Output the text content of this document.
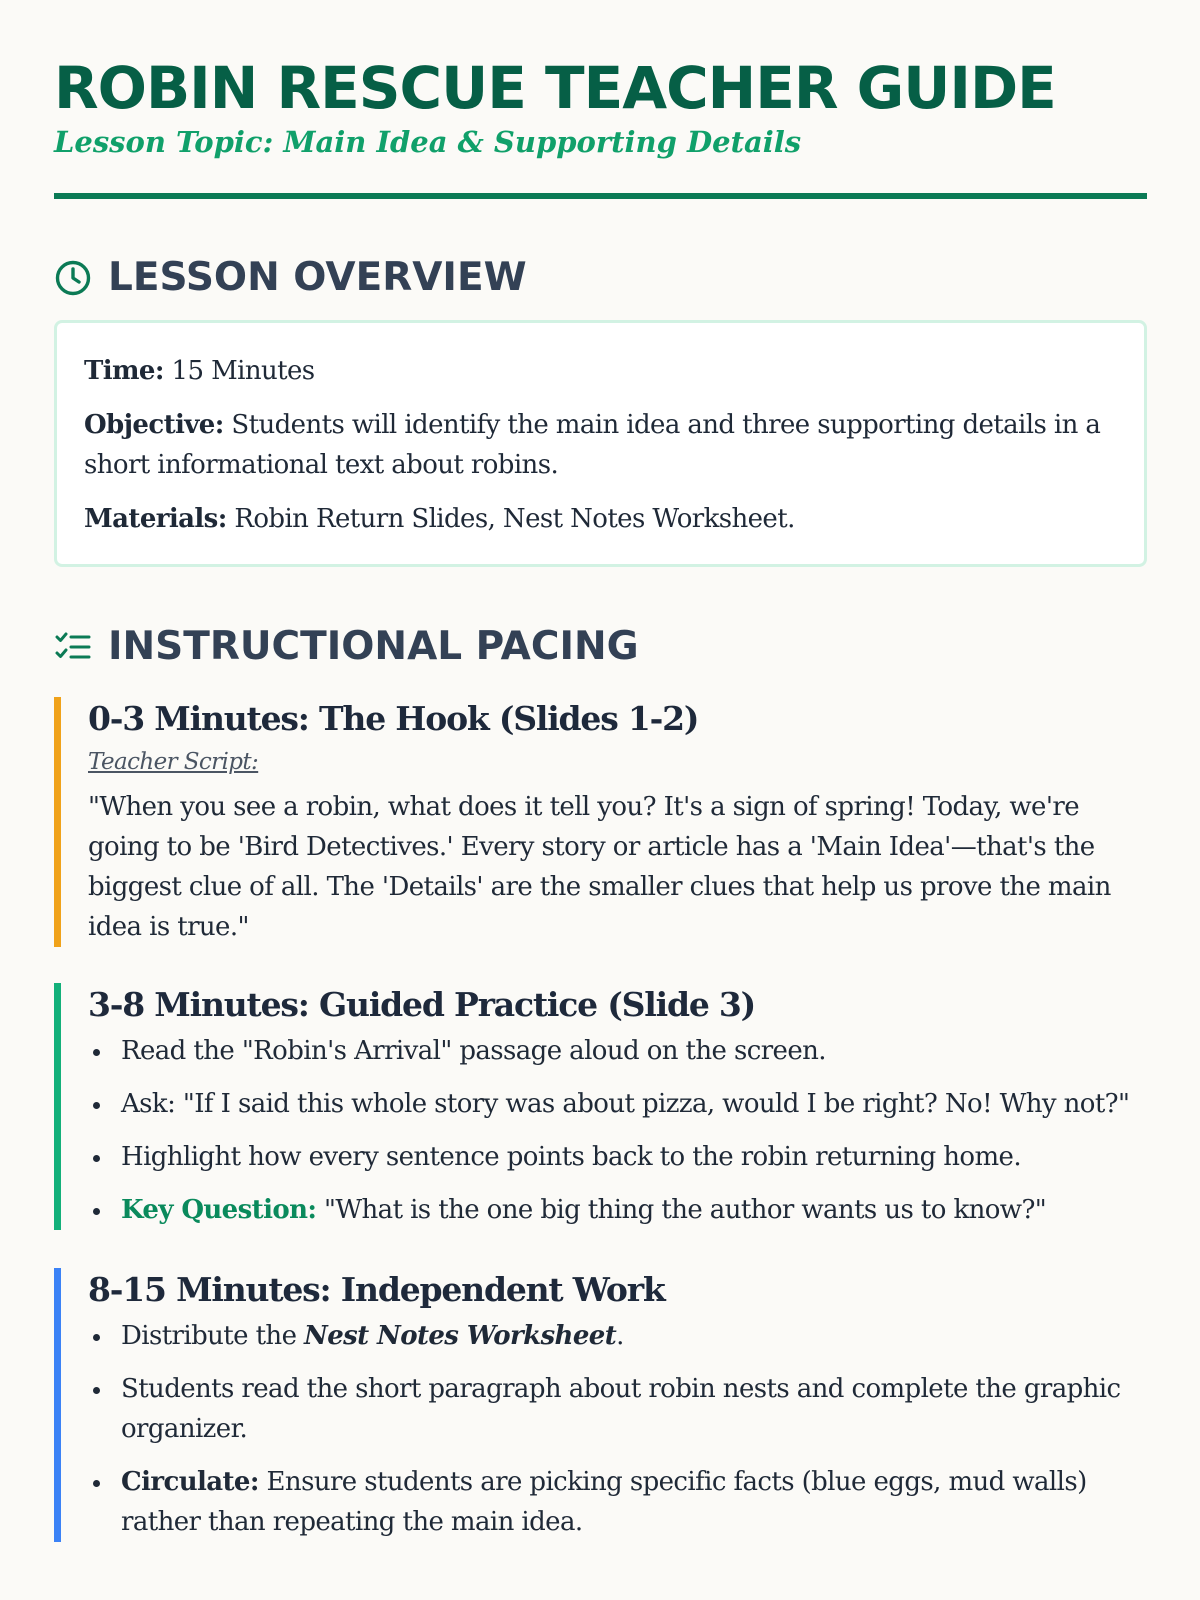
ROBIN RESCUE TEACHER GUIDE

Lesson Topic: Main Idea & Supporting Details

LESSON OVERVIEW

Time: 15 Minutes

Objective: Students will identify the main idea and three supporting details in a short informational text about robins.

Materials: Robin Return Slides, Nest Notes Worksheet.

INSTRUCTIONAL PACING
0-3 Minutes: The Hook (Slides 1-2)

Teacher Script:

"When you see a robin, what does it tell you? It's a sign of spring! Today, we're going to be 'Bird Detectives.' Every story or article has a 'Main Idea'—that's the biggest clue of all. The 'Details' are the smaller clues that help us prove the main idea is true."

3-8 Minutes: Guided Practice (Slide 3)
Read the "Robin's Arrival" passage aloud on the screen.
Ask: "If I said this whole story was about pizza, would I be right? No! Why not?"
Highlight how every sentence points back to the robin returning home.
Key Question: "What is the one big thing the author wants us to know?"
8-15 Minutes: Independent Work
Distribute the Nest Notes Worksheet.
Students read the short paragraph about robin nests and complete the graphic organizer.
Circulate: Ensure students are picking specific facts (blue eggs, mud walls) rather than repeating the main idea.
